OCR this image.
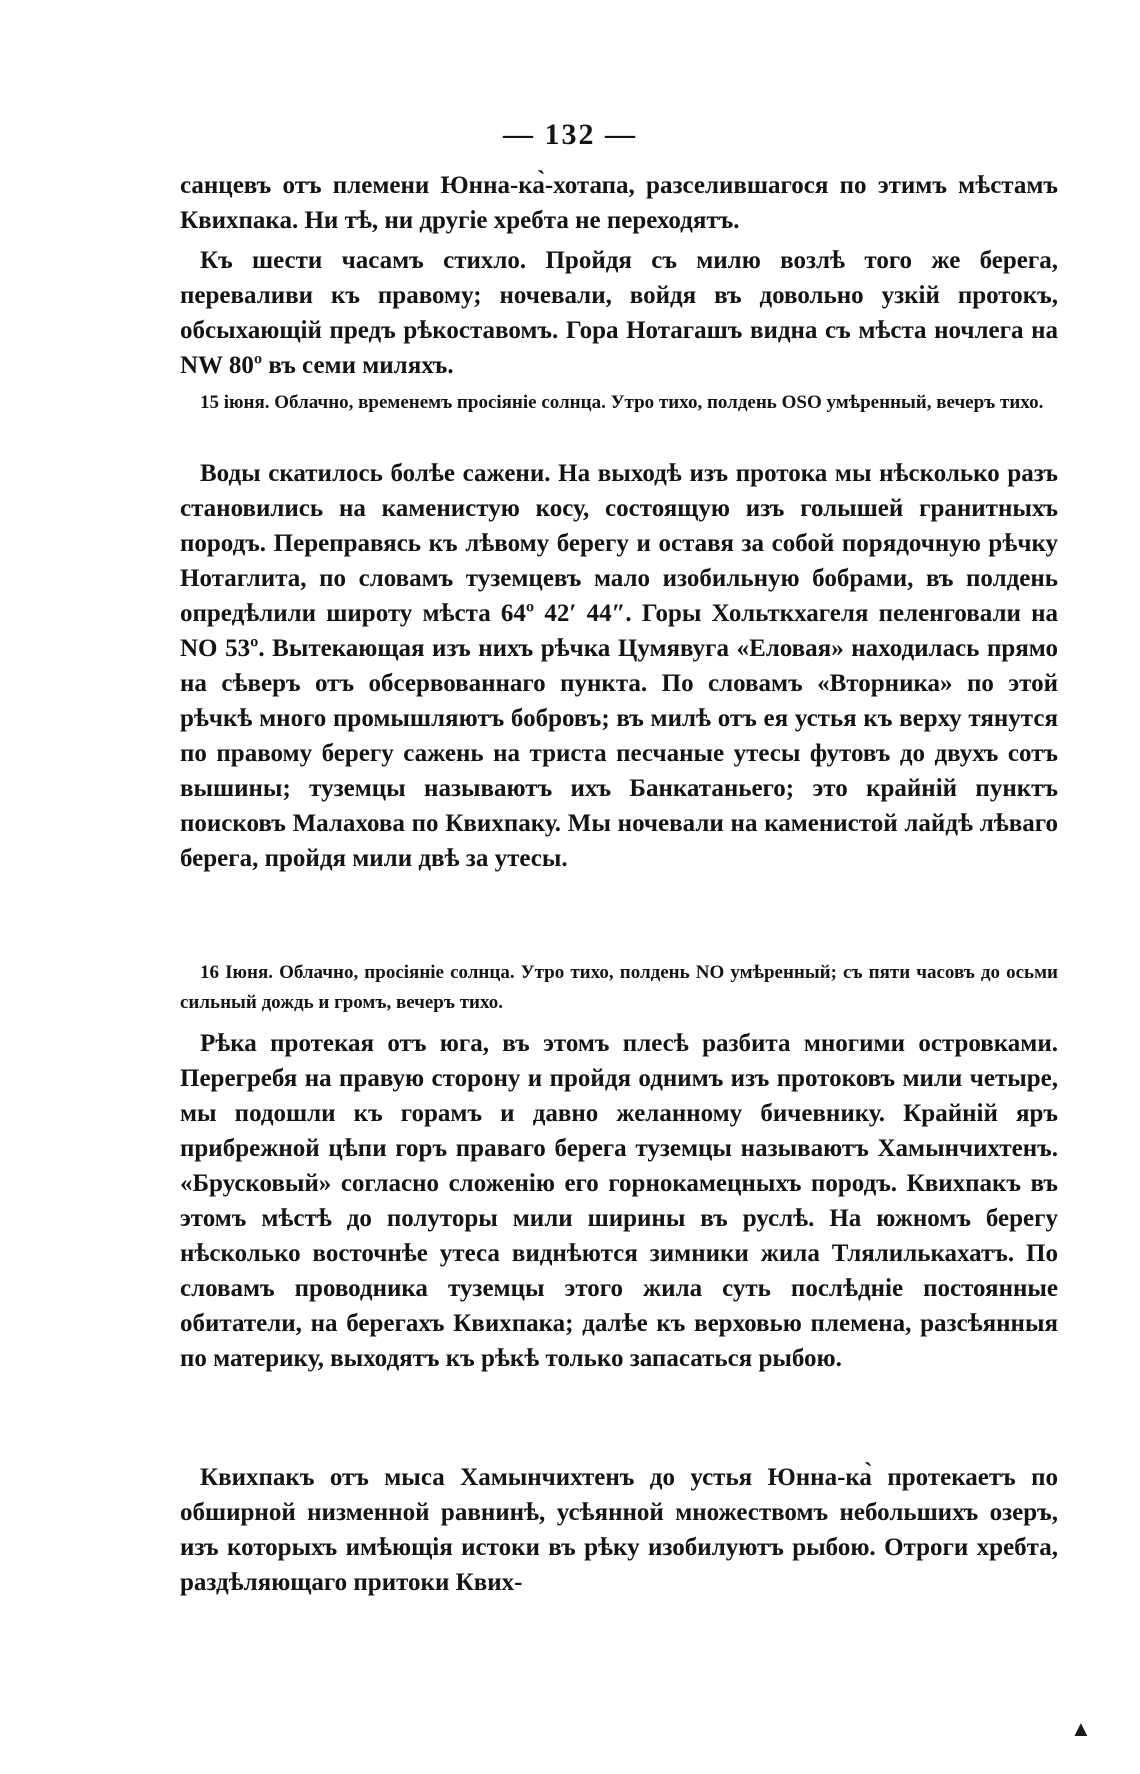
— 132 —

санцевъ отъ племени Юнна-ка̀-хотапа, разселившагося по этимъ мѣстамъ Квихпака. Ни тѣ, ни другіе хребта не переходятъ.

Къ шести часамъ стихло. Пройдя съ милю возлѣ того же берега, переваливи къ правому; ночевали, войдя въ довольно узкій протокъ, обсыхающій предъ рѣкоставомъ. Гора Нотагашъ видна съ мѣста ночлега на NW 80º въ семи миляхъ.

15 іюня. Облачно, временемъ просіяніе солнца. Утро тихо, полдень OSO умѣренный, вечеръ тихо.

Воды скатилось болѣе сажени. На выходѣ изъ протока мы нѣсколько разъ становились на каменистую косу, состоящую изъ голышей гранитныхъ породъ. Переправясь къ лѣвому берегу и оставя за собой порядочную рѣчку Нотаглита, по словамъ туземцевъ мало изобильную бобрами, въ полдень опредѣлили широту мѣста 64º 42′ 44″. Горы Хольткхагеля пеленговали на NO 53º. Вытекающая изъ нихъ рѣчка Цумявуга «Еловая» находилась прямо на сѣверъ отъ обсервованнаго пункта. По словамъ «Вторника» по этой рѣчкѣ много промышляютъ бобровъ; въ милѣ отъ ея устья къ верху тянутся по правому берегу сажень на триста песчаные утесы футовъ до двухъ сотъ вышины; туземцы называютъ ихъ Банкатаньего; это крайній пунктъ поисковъ Малахова по Квихпаку. Мы ночевали на каменистой лайдѣ лѣваго берега, пройдя мили двѣ за утесы.

16 Іюня. Облачно, просіяніе солнца. Утро тихо, полдень NO умѣренный; съ пяти часовъ до осьми сильный дождь и громъ, вечеръ тихо.

Рѣка протекая отъ юга, въ этомъ плесѣ разбита многими островками. Перегребя на правую сторону и пройдя однимъ изъ протоковъ мили четыре, мы подошли къ горамъ и давно желанному бичевнику. Крайній яръ прибрежной цѣпи горъ праваго берега туземцы называютъ Хамынчихтенъ. «Брусковый» согласно сложенію его горнокамецныхъ породъ. Квихпакъ въ этомъ мѣстѣ до полуторы мили ширины въ руслѣ. На южномъ берегу нѣсколько восточнѣе утеса виднѣются зимники жила Тлялилькахатъ. По словамъ проводника туземцы этого жила суть послѣдніе постоянные обитатели, на берегахъ Квихпака; далѣе къ верховью племена, разсѣянныя по материку, выходятъ къ рѣкѣ только запасаться рыбою.

Квихпакъ отъ мыса Хамынчихтенъ до устья Юнна-ка̀ протекаетъ по обширной низменной равнинѣ, усѣянной множествомъ небольшихъ озеръ, изъ которыхъ имѣющія истоки въ рѣку изобилуютъ рыбою. Отроги хребта, раздѣляющаго притоки Квих-

▲
